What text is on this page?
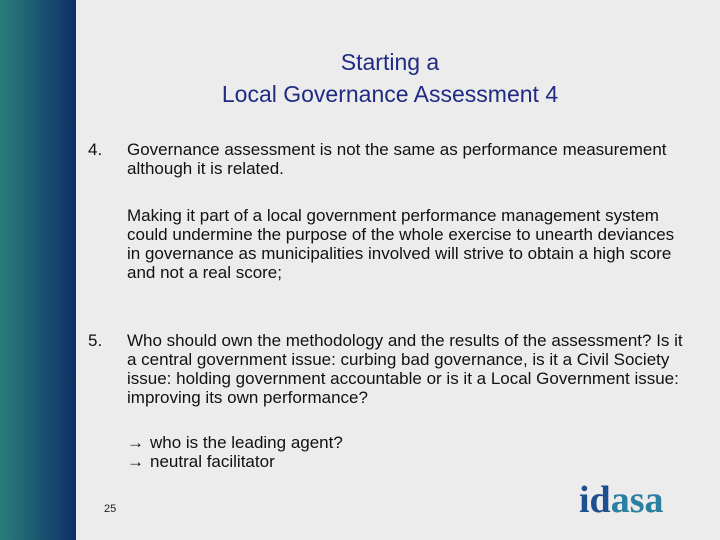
Starting a
Local Governance Assessment 4
4. Governance assessment is not the same as performance measurement although it is related.
Making it part of a local government performance management system could undermine the purpose of the whole exercise to unearth deviances in governance as municipalities involved will strive to obtain a high score and not a real score;
5. Who should own the methodology and the results of the assessment? Is it a central government issue: curbing bad governance, is it a Civil Society issue: holding government accountable or is it a Local Government issue: improving its own performance?
→ who is the leading agent?
→ neutral facilitator
25	idasa
